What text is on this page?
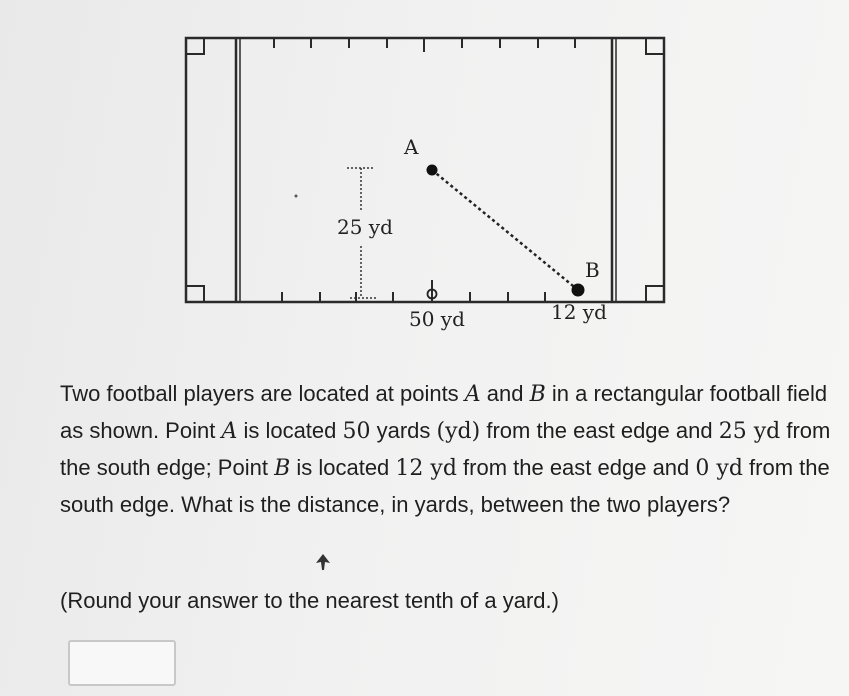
25 yd
A
B
50 yd	12 yd

Two football players are located at points A and B in a rectangular football field as shown. Point A is located 50 yards (yd) from the east edge and 25 yd from the south edge; Point B is located 12 yd from the east edge and 0 yd from the south edge. What is the distance, in yards, between the two players?

(Round your answer to the nearest tenth of a yard.)
